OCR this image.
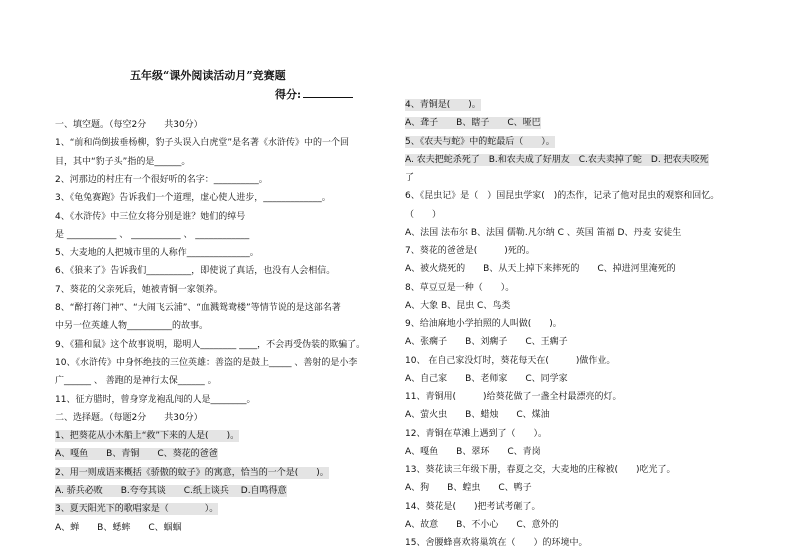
五年级“课外阅读活动月”竞赛题
得分:
一、填空题。（每空2分　　共30分）
1、“前和尚倒拔垂杨柳，豹子头误入白虎堂”是名著《水浒传》中的一个回
目，其中“豹子头”指的是______。
2、河那边的村庄有一个很好听的名字：__________。
3、《龟兔赛跑》告诉我们一个道理，虚心使人进步，_____________。
4、《水浒传》中三位女将分别是谁？她们的绰号
是 ___________ 、 ___________ 、 ____________
5、大麦地的人把城市里的人称作______________。
6、《狼来了》告诉我们__________，即使说了真话，也没有人会相信。
7、葵花的父亲死后，她被青铜一家领养。
8、“醉打蒋门神”、“大闹飞云浦”、“血溅鸳鸯楼”等情节说的是这部名著
中另一位英雄人物__________的故事。
9、《猫和鼠》这个故事说明，聪明人________ ____，不会再受伪装的欺骗了。
10、《水浒传》中身怀绝技的三位英雄：善盗的是鼓上_____ 、善射的是小李
广______ 、 善跑的是神行太保______ 。
11、征方腊时，曾身穿龙袍乱闯的人是________。
二、选择题。（每题2分　　共30分）
1、把葵花从小木船上“救”下来的人是(　　)。
A、嘎鱼　　B、青铜　　C、葵花的爸爸
2、用一则成语来概括《骄傲的蚊子》的寓意，恰当的一个是(　　)。
A. 骄兵必败　　B.夸夸其谈　　C.纸上谈兵　 D.自鸣得意
3、夏天阳光下的歌唱家是（　　　　）。
A、蝉　　B、蟋蟀　　C、蝈蝈
4、青铜是(　　)。
A、聋子　　B、瞎子　　C、哑巴
5、《农夫与蛇》中的蛇最后（　　）。
A. 农夫把蛇杀死了　B.和农夫成了好朋友　C.农夫卖掉了蛇　D. 把农夫咬死
了
6、《昆虫记》是（　）国昆虫学家(　)的杰作，记录了他对昆虫的观察和回忆。
（　　）
A、法国 法布尔 B、法国 儒勒.凡尔纳 C 、英国 笛福 D、丹麦 安徒生
7、葵花的爸爸是(　　　)死的。
A、被火烧死的　　B、从天上掉下来摔死的　　C、掉进河里淹死的
8、草豆豆是一种（　　）。
A、大象 B、昆虫 C、鸟类
9、给油麻地小学拍照的人叫做(　　)。
A、张瘸子　　B、刘瘸子　　C、王瘸子
10、 在自己家没灯时，葵花每天在(　　　)做作业。
A、自己家　　B、老师家　　C、同学家
11、青铜用(　　　)给葵花做了一盏全村最漂亮的灯。
A、萤火虫　　B、蜡烛　　C、煤油
12、青铜在草滩上遇到了（　　）。
A、嘎鱼　　B、翠环　　C、青岗
13、葵花读三年级下册，春夏之交，大麦地的庄稼被(　　)吃光了。
A、狗　　B、蝗虫　　C、鸭子
14、葵花是(　　)把考试考砸了。
A、故意　　B、不小心　　C、意外的
15、舍腰蜂喜欢将巢筑在（　　）的环境中。
